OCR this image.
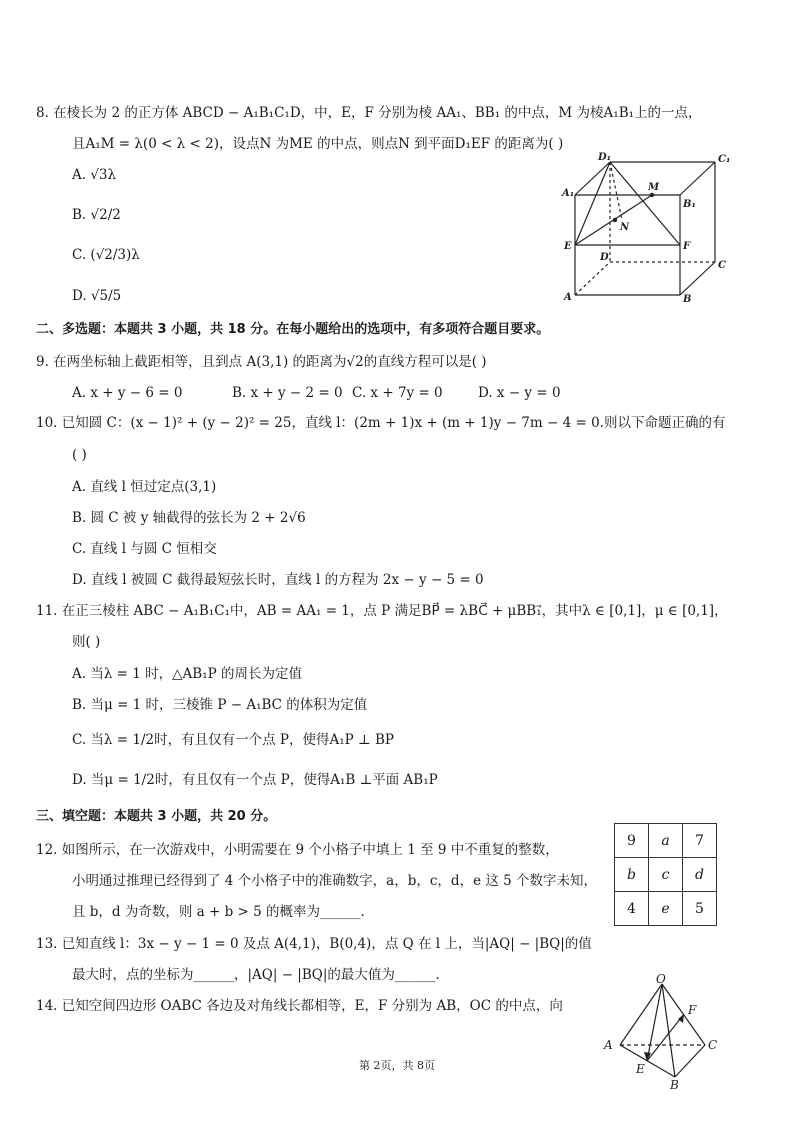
8. 在棱长为 2 的正方体 ABCD − A₁B₁C₁D，中，E，F 分别为棱 AA₁、BB₁ 的中点，M 为棱A₁B₁上的一点，
且A₁M = λ(0 < λ < 2)，设点N 为ME 的中点，则点N 到平面D₁EF 的距离为( )
A. √3λ
B. √2/2
C. (√2/3)λ
D. √5/5
D₁	C₁
A₁
B₁
M
N
E	F
D
C
A	B
二、多选题：本题共 3 小题，共 18 分。在每小题给出的选项中，有多项符合题目要求。
9. 在两坐标轴上截距相等，且到点 A(3,1) 的距离为√2的直线方程可以是( )
A. x + y − 6 = 0	B. x + y − 2 = 0 C. x + 7y = 0	D. x − y = 0
10. 已知圆 C：(x − 1)² + (y − 2)² = 25，直线 l：(2m + 1)x + (m + 1)y − 7m − 4 = 0.则以下命题正确的有
( )
A. 直线 l 恒过定点(3,1)
B. 圆 C 被 y 轴截得的弦长为 2 + 2√6
C. 直线 l 与圆 C 恒相交
D. 直线 l 被圆 C 截得最短弦长时，直线 l 的方程为 2x − y − 5 = 0
11. 在正三棱柱 ABC − A₁B₁C₁中，AB = AA₁ = 1，点 P 满足BP⃗ = λBC⃗ + μBB₁⃗，其中λ ∈ [0,1]，μ ∈ [0,1]，
则( )
A. 当λ = 1 时，△AB₁P 的周长为定值
B. 当μ = 1 时，三棱锥 P − A₁BC 的体积为定值
C. 当λ = 1/2时，有且仅有一个点 P，使得A₁P ⊥ BP
D. 当μ = 1/2时，有且仅有一个点 P，使得A₁B ⊥平面 AB₁P
三、填空题：本题共 3 小题，共 20 分。
12. 如图所示，在一次游戏中，小明需要在 9 个小格子中填上 1 至 9 中不重复的整数，
小明通过推理已经得到了 4 个小格子中的准确数字，a，b，c，d，e 这 5 个数字未知，
且 b，d 为奇数，则 a + b > 5 的概率为______.
9	a	7
b	c	d
4	e	5
13. 已知直线 l：3x − y − 1 = 0 及点 A(4,1)，B(0,4)，点 Q 在 l 上，当|AQ| − |BQ|的值
最大时，点的坐标为______，|AQ| − |BQ|的最大值为______.
14. 已知空间四边形 OABC 各边及对角线长都相等，E，F 分别为 AB，OC 的中点，向
O
F
A	C
E
B
第 2页，共 8页
